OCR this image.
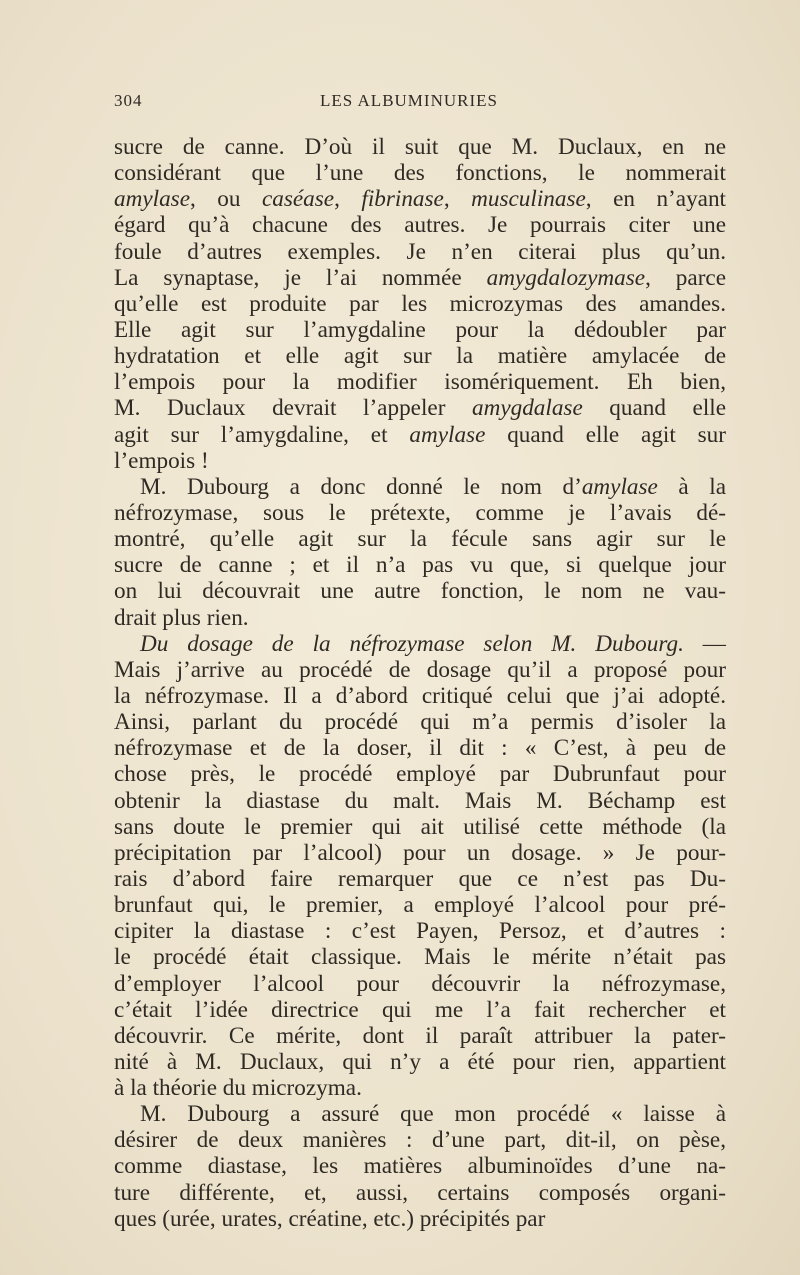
304	LES ALBUMINURIES
sucre de canne. D’où il suit que M. Duclaux, en ne
considérant que l’une des fonctions, le nommerait
amylase, ou caséase, fibrinase, musculinase, en n’ayant
égard qu’à chacune des autres. Je pourrais citer une
foule d’autres exemples. Je n’en citerai plus qu’un.
La synaptase, je l’ai nommée amygdalozymase, parce
qu’elle est produite par les microzymas des amandes.
Elle agit sur l’amygdaline pour la dédoubler par
hydratation et elle agit sur la matière amylacée de
l’empois pour la modifier isomériquement. Eh bien,
M. Duclaux devrait l’appeler amygdalase quand elle
agit sur l’amygdaline, et amylase quand elle agit sur
l’empois !
M. Dubourg a donc donné le nom d’amylase à la
néfrozymase, sous le prétexte, comme je l’avais dé-
montré, qu’elle agit sur la fécule sans agir sur le
sucre de canne ; et il n’a pas vu que, si quelque jour
on lui découvrait une autre fonction, le nom ne vau-
drait plus rien.
Du dosage de la néfrozymase selon M. Dubourg. —
Mais j’arrive au procédé de dosage qu’il a proposé pour
la néfrozymase. Il a d’abord critiqué celui que j’ai adopté.
Ainsi, parlant du procédé qui m’a permis d’isoler la
néfrozymase et de la doser, il dit : « C’est, à peu de
chose près, le procédé employé par Dubrunfaut pour
obtenir la diastase du malt. Mais M. Béchamp est
sans doute le premier qui ait utilisé cette méthode (la
précipitation par l’alcool) pour un dosage. » Je pour-
rais d’abord faire remarquer que ce n’est pas Du-
brunfaut qui, le premier, a employé l’alcool pour pré-
cipiter la diastase : c’est Payen, Persoz, et d’autres :
le procédé était classique. Mais le mérite n’était pas
d’employer l’alcool pour découvrir la néfrozymase,
c’était l’idée directrice qui me l’a fait rechercher et
découvrir. Ce mérite, dont il paraît attribuer la pater-
nité à M. Duclaux, qui n’y a été pour rien, appartient
à la théorie du microzyma.
M. Dubourg a assuré que mon procédé « laisse à
désirer de deux manières : d’une part, dit-il, on pèse,
comme diastase, les matières albuminoïdes d’une na-
ture différente, et, aussi, certains composés organi-
ques (urée, urates, créatine, etc.) précipités par
